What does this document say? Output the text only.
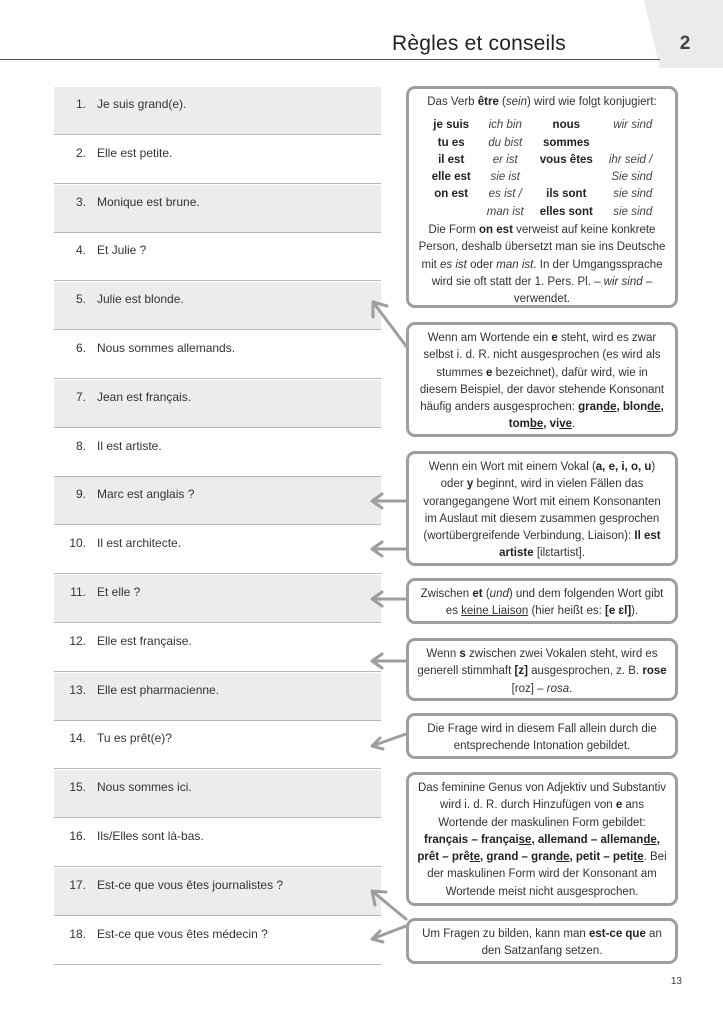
2
Règles et conseils
1. Je suis grand(e).
2. Elle est petite.
3. Monique est brune.
4. Et Julie ?
5. Julie est blonde.
6. Nous sommes allemands.
7. Jean est français.
8. Il est artiste.
9. Marc est anglais ?
10. Il est architecte.
11. Et elle ?
12. Elle est française.
13. Elle est pharmacienne.
14. Tu es prêt(e)?
15. Nous sommes ici.
16. Ils/Elles sont là-bas.
17. Est-ce que vous êtes journalistes ?
18. Est-ce que vous êtes médecin ?
Das Verb être (sein) wird wie folgt konjugiert:
je suis	ich bin	nous	wir sind
tu es	du bist	sommes	
il est	er ist	vous êtes	ihr seid /
elle est	sie ist		Sie sind
on est	es ist /	ils sont	sie sind
	man ist	elles sont	sie sind
Die Form on est verweist auf keine konkrete Person, deshalb übersetzt man sie ins Deutsche mit es ist oder man ist. In der Umgangssprache wird sie oft statt der 1. Pers. Pl. – wir sind – verwendet.
Wenn am Wortende ein e steht, wird es zwar selbst i. d. R. nicht ausgesprochen (es wird als stummes e bezeichnet), dafür wird, wie in diesem Beispiel, der davor stehende Konsonant häufig anders ausgesprochen: grande, blonde, tombe, vive.
Wenn ein Wort mit einem Vokal (a, e, i, o, u) oder y beginnt, wird in vielen Fällen das vorangegangene Wort mit einem Konsonanten im Auslaut mit diesem zusammen gesprochen (wortübergreifende Verbindung, Liaison): Il est artiste [ilɛtartist].
Zwischen et (und) und dem folgenden Wort gibt es keine Liaison (hier heißt es: [e ɛl]).
Wenn s zwischen zwei Vokalen steht, wird es generell stimmhaft [z] ausgesprochen, z. B. rose [roz] – rosa.
Die Frage wird in diesem Fall allein durch die entsprechende Intonation gebildet.
Das feminine Genus von Adjektiv und Substantiv wird i. d. R. durch Hinzufügen von e ans Wortende der maskulinen Form gebildet: français – française, allemand – allemande, prêt – prête, grand – grande, petit – petite. Bei der maskulinen Form wird der Konsonant am Wortende meist nicht ausgesprochen.
Um Fragen zu bilden, kann man est-ce que an den Satzanfang setzen.
13
